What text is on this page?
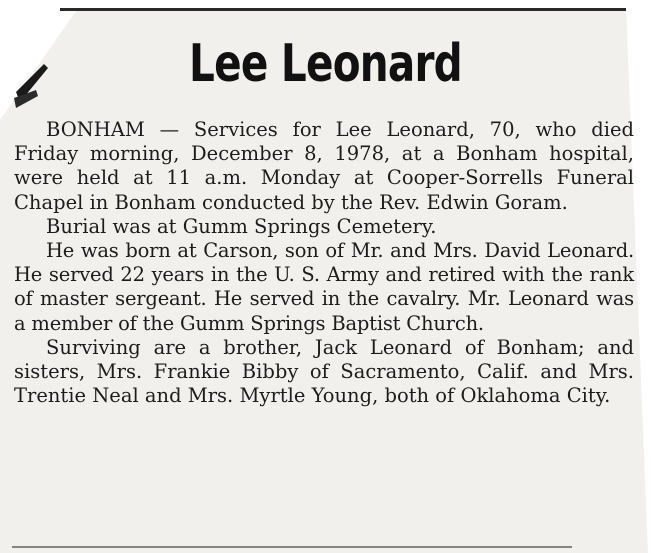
Lee Leonard

BONHAM — Services for Lee Leonard, 70, who died Friday morning, December 8, 1978, at a Bonham hospital, were held at 11 a.m. Monday at Cooper-Sorrells Funeral Chapel in Bonham conducted by the Rev. Edwin Goram.

Burial was at Gumm Springs Cemetery.

He was born at Carson, son of Mr. and Mrs. David Leonard. He served 22 years in the U. S. Army and retired with the rank of master sergeant. He served in the cavalry. Mr. Leonard was a member of the Gumm Springs Baptist Church.

Surviving are a brother, Jack Leonard of Bonham; and sisters, Mrs. Frankie Bibby of Sacramento, Calif. and Mrs. Trentie Neal and Mrs. Myrtle Young, both of Oklahoma City.
